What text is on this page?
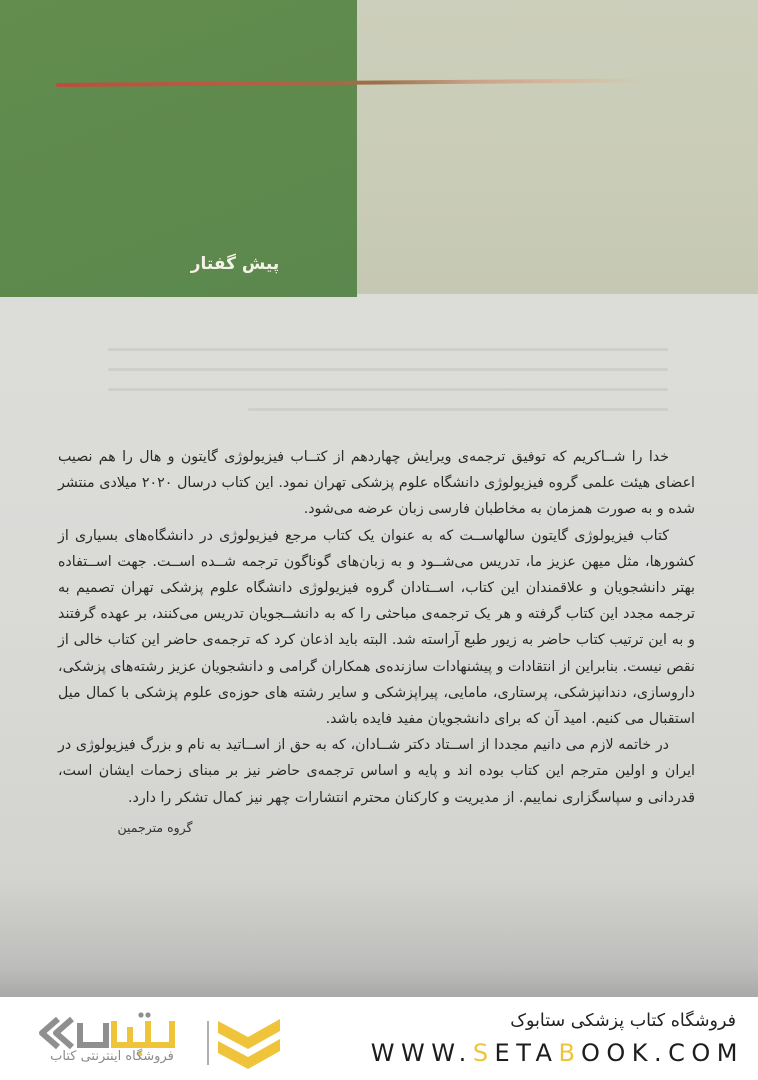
پیش گفتار

خدا را شــاکریم که توفیق ترجمه‌ی ویرایش چهاردهم از کتــاب فیزیولوژی گایتون و هال را هم نصیب اعضای هیئت علمی گروه فیزیولوژی دانشگاه علوم پزشکی تهران نمود. این کتاب درسال ۲۰۲۰ میلادی منتشر شده و به صورت همزمان به مخاطبان فارسی زبان عرضه می‌شود.

کتاب فیزیولوژی گایتون سالهاســت که به عنوان یک کتاب مرجع فیزیولوژی در دانشگاه‌های بسیاری از کشورها، مثل میهن عزیز ما، تدریس می‌شــود و به زبان‌های گوناگون ترجمه شــده اســت. جهت اســتفاده بهتر دانشجویان و علاقمندان این کتاب، اســتادان گروه فیزیولوژی دانشگاه علوم پزشکی تهران تصمیم به ترجمه مجدد این کتاب گرفته و هر یک ترجمه‌ی مباحثی را که به دانشــجویان تدریس می‌کنند، بر عهده گرفتند و به این ترتیب کتاب حاضر به زیور طبع آراسته شد. البته باید اذعان کرد که ترجمه‌ی حاضر این کتاب خالی از نقص نیست. بنابراین از انتقادات و پیشنهادات سازنده‌ی همکاران گرامی و دانشجویان عزیز رشته‌های پزشکی، داروسازی، دندانپزشکی، پرستاری، مامایی، پیراپزشکی و سایر رشته های حوزه‌ی علوم پزشکی با کمال میل استقبال می کنیم. امید آن که برای دانشجویان مفید فایده باشد.

در خاتمه لازم می دانیم مجددا از اســتاد دکتر شــادان، که به حق از اســاتید به نام و بزرگ فیزیولوژی در ایران و اولین مترجم این کتاب بوده اند و پایه و اساس ترجمه‌ی حاضر نیز بر مبنای زحمات ایشان است، قدردانی و سپاسگزاری نماییم. از مدیریت و کارکنان محترم انتشارات چهر نیز کمال تشکر را دارد.

گروه مترجمین
فروشگاه اینترنتی کتاب
فروشگاه کتاب پزشکی ستابوک
WWW.SETABOOK.COM
